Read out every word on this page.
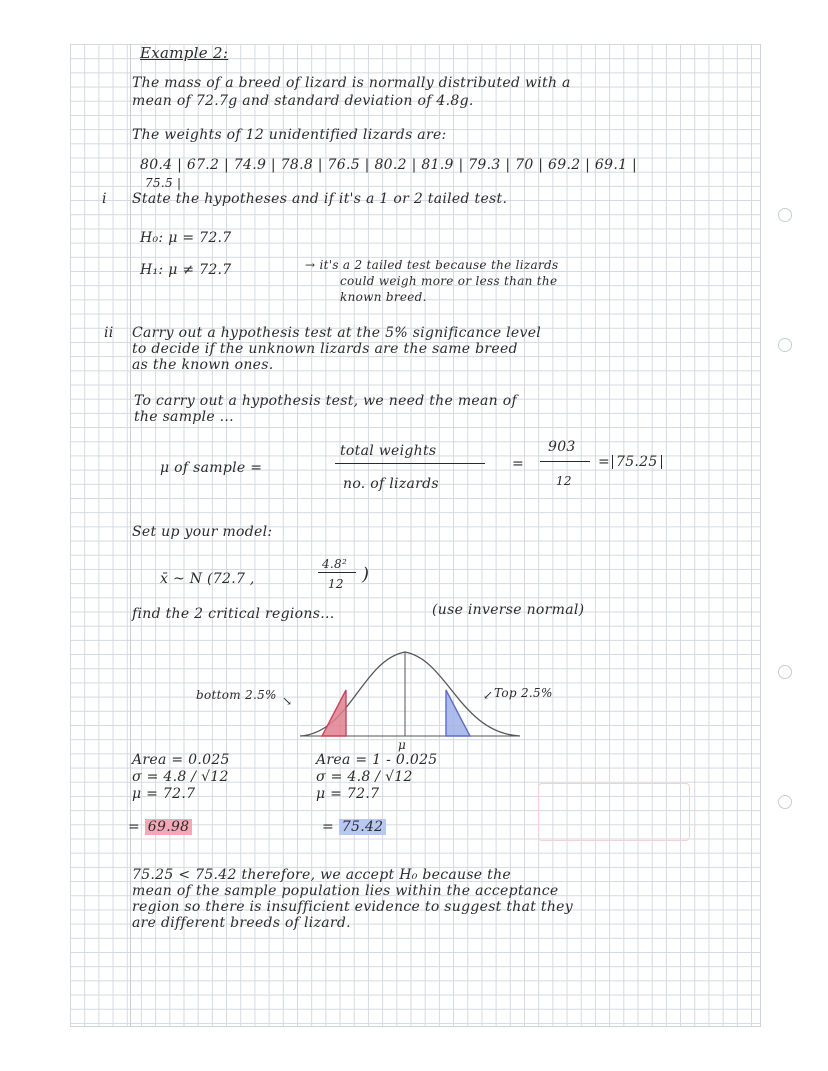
Example 2:
The mass of a breed of lizard is normally distributed with a
mean of 72.7g and standard deviation of 4.8g.
The weights of 12 unidentified lizards are:
80.4 | 67.2 | 74.9 | 78.8 | 76.5 | 80.2 | 81.9 | 79.3 | 70 | 69.2 | 69.1 |
75.5 |
i State the hypotheses and if it's a 1 or 2 tailed test.
H₀: μ = 72.7
H₁: μ ≠ 72.7	→ it's a 2 tailed test because the lizards
could weigh more or less than the
known breed.
ii Carry out a hypothesis test at the 5% significance level
to decide if the unknown lizards are the same breed
as the known ones.
To carry out a hypothesis test, we need the mean of
the sample ...
μ of sample =
total weights
no. of lizards
=
903
12
= 75.25
Set up your model:
x̄ ~ N (72.7 ,
4.8²
12 )
find the 2 critical regions...	(use inverse normal)
bottom 2.5% ↘	↙ Top 2.5%
μ
Area = 0.025
σ = 4.8 / √12
μ = 72.7
= 69.98
Area = 1 - 0.025
σ = 4.8 / √12
μ = 72.7
= 75.42
75.25 < 75.42 therefore, we accept H₀ because the
mean of the sample population lies within the acceptance
region so there is insufficient evidence to suggest that they
are different breeds of lizard.
